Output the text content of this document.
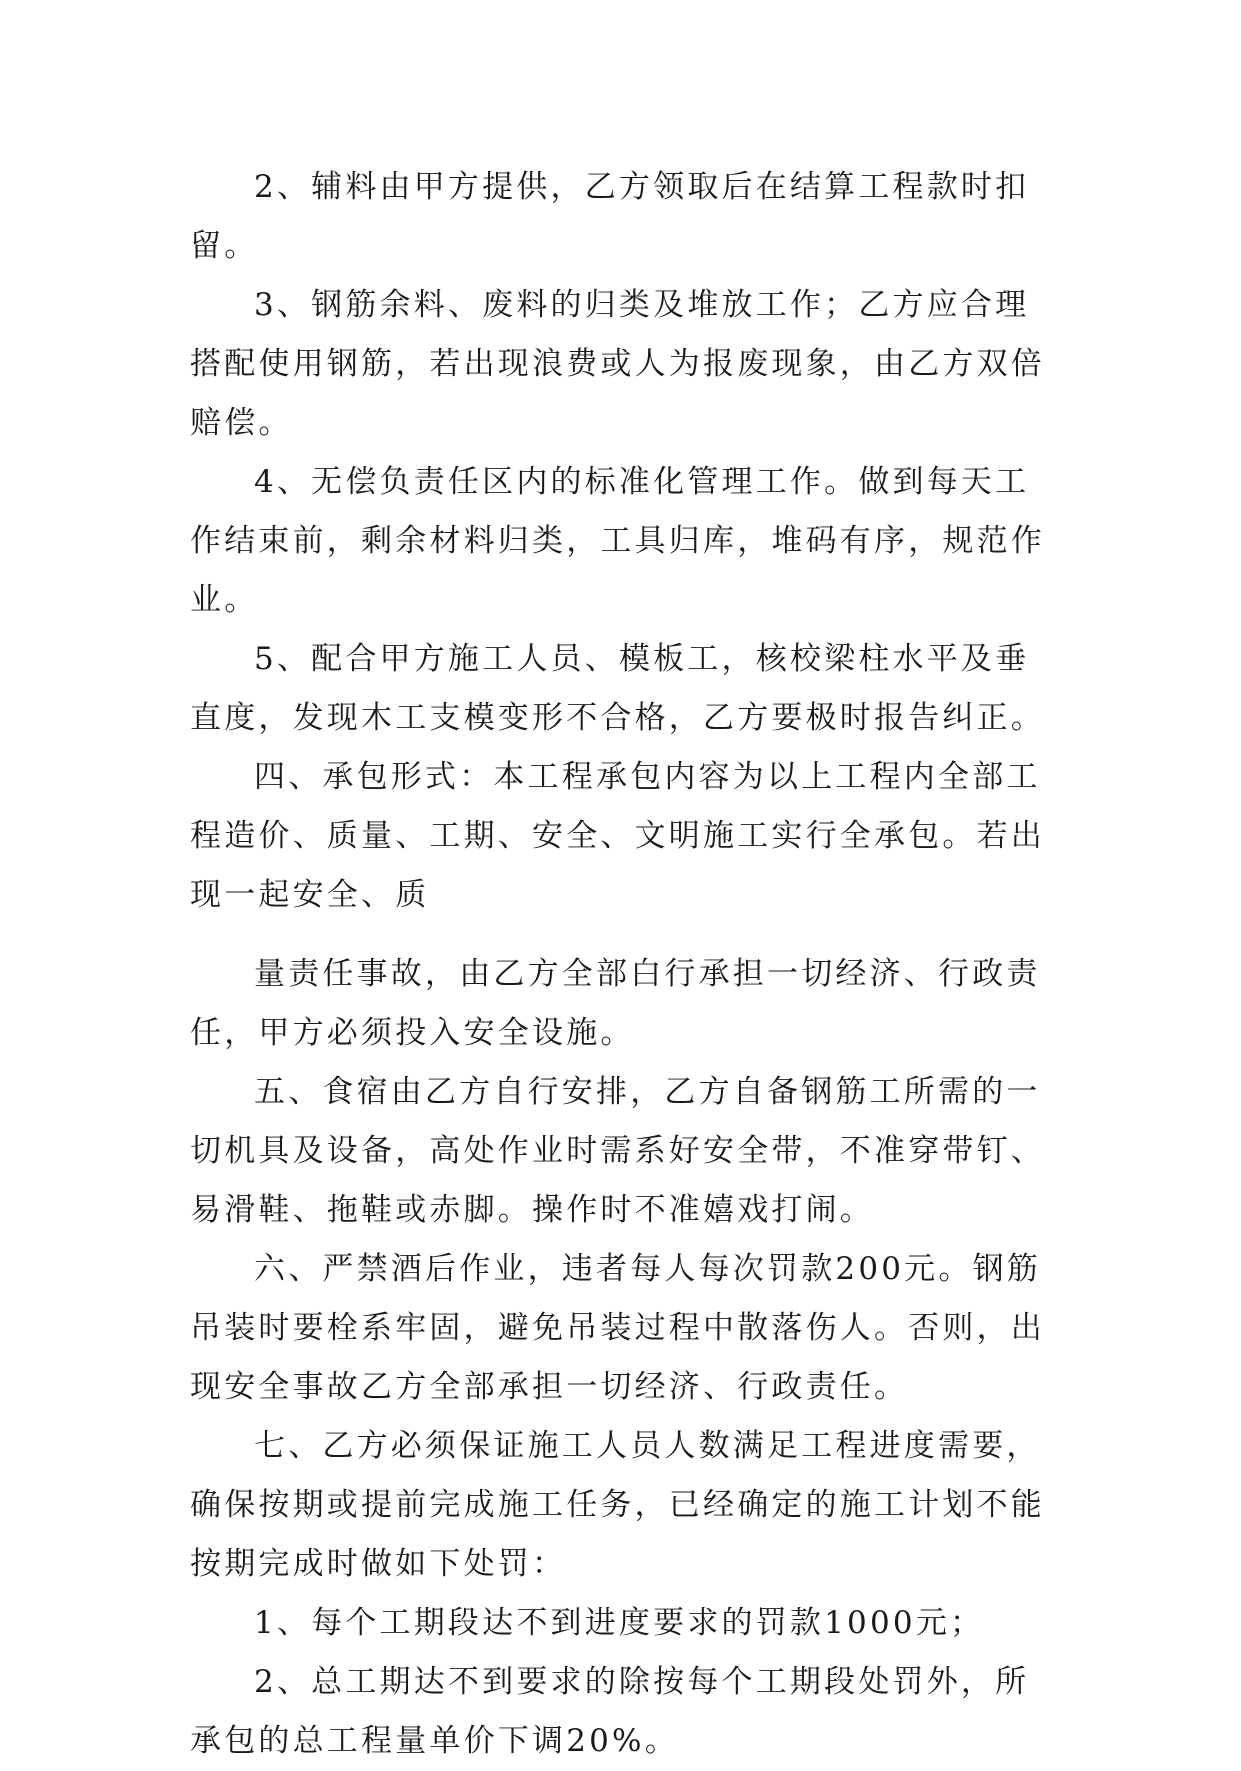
2、辅料由甲方提供，乙方领取后在结算工程款时扣留。

3、钢筋余料、废料的归类及堆放工作；乙方应合理搭配使用钢筋，若出现浪费或人为报废现象，由乙方双倍赔偿。

4、无偿负责任区内的标准化管理工作。做到每天工作结束前，剩余材料归类，工具归库，堆码有序，规范作业。

5、配合甲方施工人员、模板工，核校梁柱水平及垂直度，发现木工支模变形不合格，乙方要极时报告纠正。

四、承包形式：本工程承包内容为以上工程内全部工程造价、质量、工期、安全、文明施工实行全承包。若出现一起安全、质

量责任事故，由乙方全部白行承担一切经济、行政责任，甲方必须投入安全设施。

五、食宿由乙方自行安排，乙方自备钢筋工所需的一切机具及设备，高处作业时需系好安全带，不准穿带钉、易滑鞋、拖鞋或赤脚。操作时不准嬉戏打闹。

六、严禁酒后作业，违者每人每次罚款200元。钢筋吊装时要栓系牢固，避免吊装过程中散落伤人。否则，出现安全事故乙方全部承担一切经济、行政责任。

七、乙方必须保证施工人员人数满足工程进度需要，确保按期或提前完成施工任务，已经确定的施工计划不能按期完成时做如下处罚：

1、每个工期段达不到进度要求的罚款1000元；

2、总工期达不到要求的除按每个工期段处罚外，所承包的总工程量单价下调20%。
